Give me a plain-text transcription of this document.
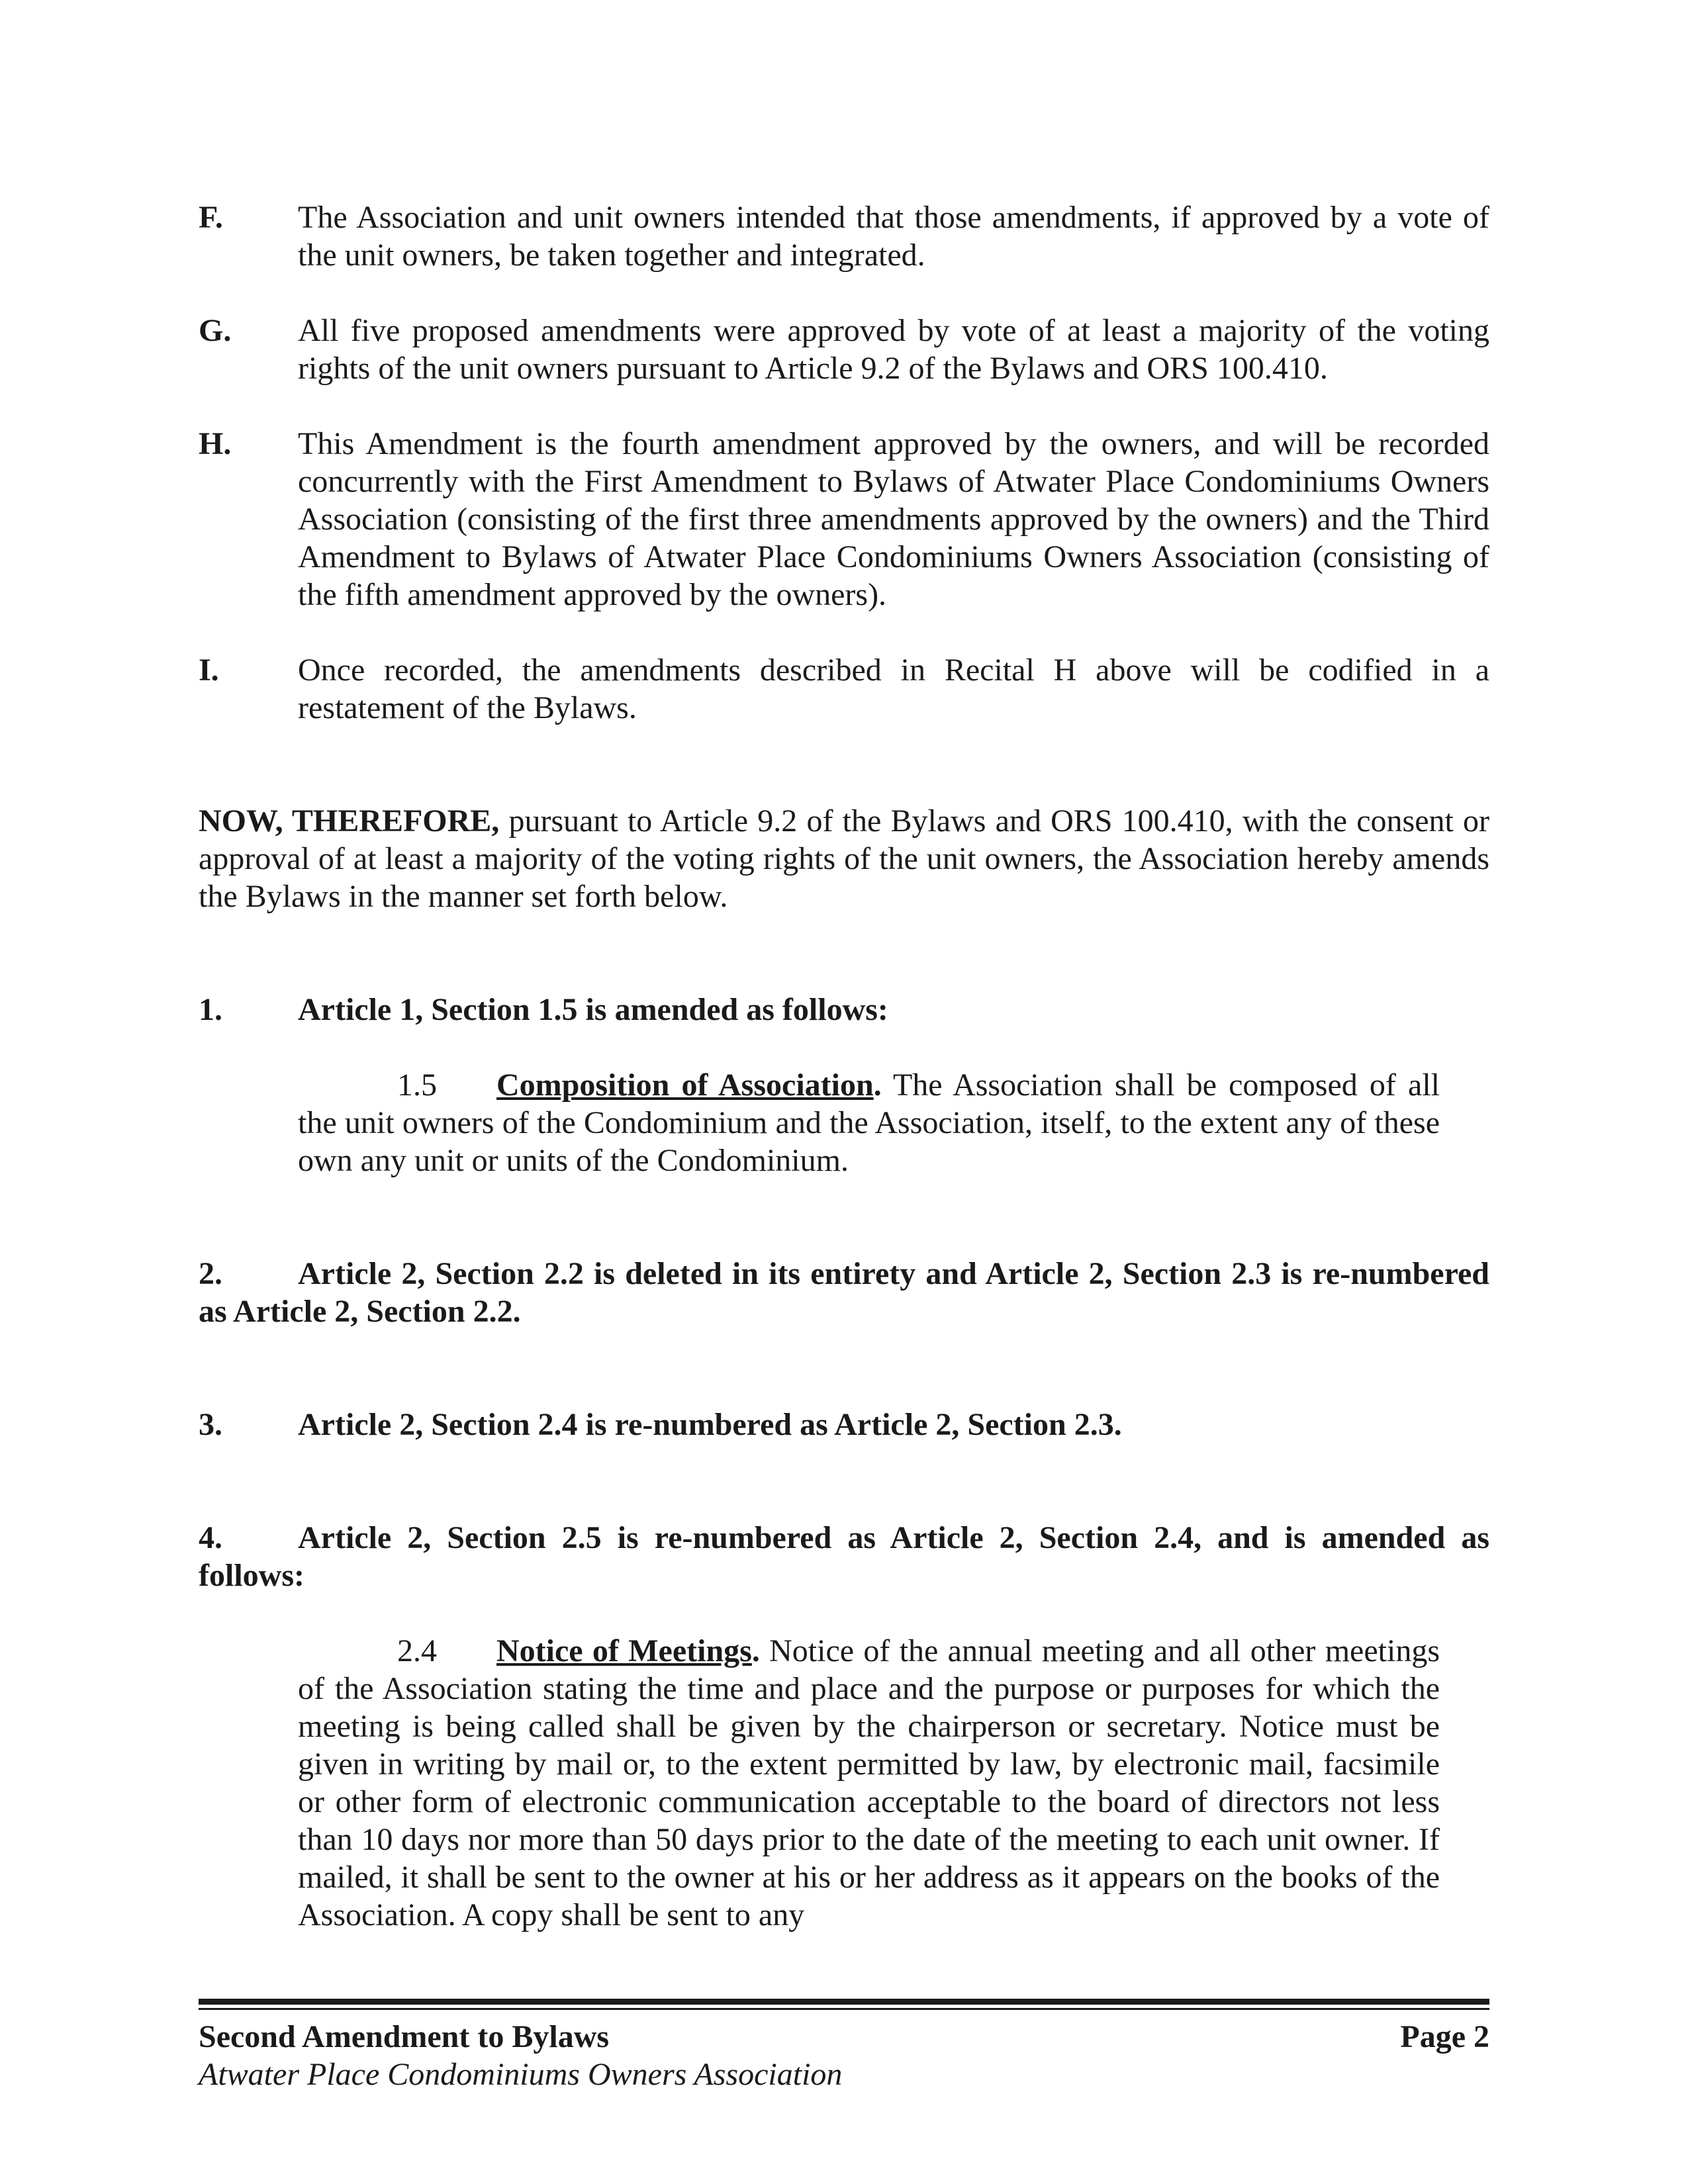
F.	The Association and unit owners intended that those amendments, if approved by a vote of the unit owners, be taken together and integrated.
G.	All five proposed amendments were approved by vote of at least a majority of the voting rights of the unit owners pursuant to Article 9.2 of the Bylaws and ORS 100.410.
H.	This Amendment is the fourth amendment approved by the owners, and will be recorded concurrently with the First Amendment to Bylaws of Atwater Place Condominiums Owners Association (consisting of the first three amendments approved by the owners) and the Third Amendment to Bylaws of Atwater Place Condominiums Owners Association (consisting of the fifth amendment approved by the owners).
I.	Once recorded, the amendments described in Recital H above will be codified in a restatement of the Bylaws.
NOW, THEREFORE, pursuant to Article 9.2 of the Bylaws and ORS 100.410, with the consent or approval of at least a majority of the voting rights of the unit owners, the Association hereby amends the Bylaws in the manner set forth below.
1. Article 1, Section 1.5 is amended as follows:
1.5 Composition of Association. The Association shall be composed of all the unit owners of the Condominium and the Association, itself, to the extent any of these own any unit or units of the Condominium.
2. Article 2, Section 2.2 is deleted in its entirety and Article 2, Section 2.3 is re-numbered as Article 2, Section 2.2.
3. Article 2, Section 2.4 is re-numbered as Article 2, Section 2.3.
4. Article 2, Section 2.5 is re-numbered as Article 2, Section 2.4, and is amended as follows:
2.4 Notice of Meetings. Notice of the annual meeting and all other meetings of the Association stating the time and place and the purpose or purposes for which the meeting is being called shall be given by the chairperson or secretary. Notice must be given in writing by mail or, to the extent permitted by law, by electronic mail, facsimile or other form of electronic communication acceptable to the board of directors not less than 10 days nor more than 50 days prior to the date of the meeting to each unit owner. If mailed, it shall be sent to the owner at his or her address as it appears on the books of the Association. A copy shall be sent to any
Second Amendment to Bylaws	Page 2
Atwater Place Condominiums Owners Association
